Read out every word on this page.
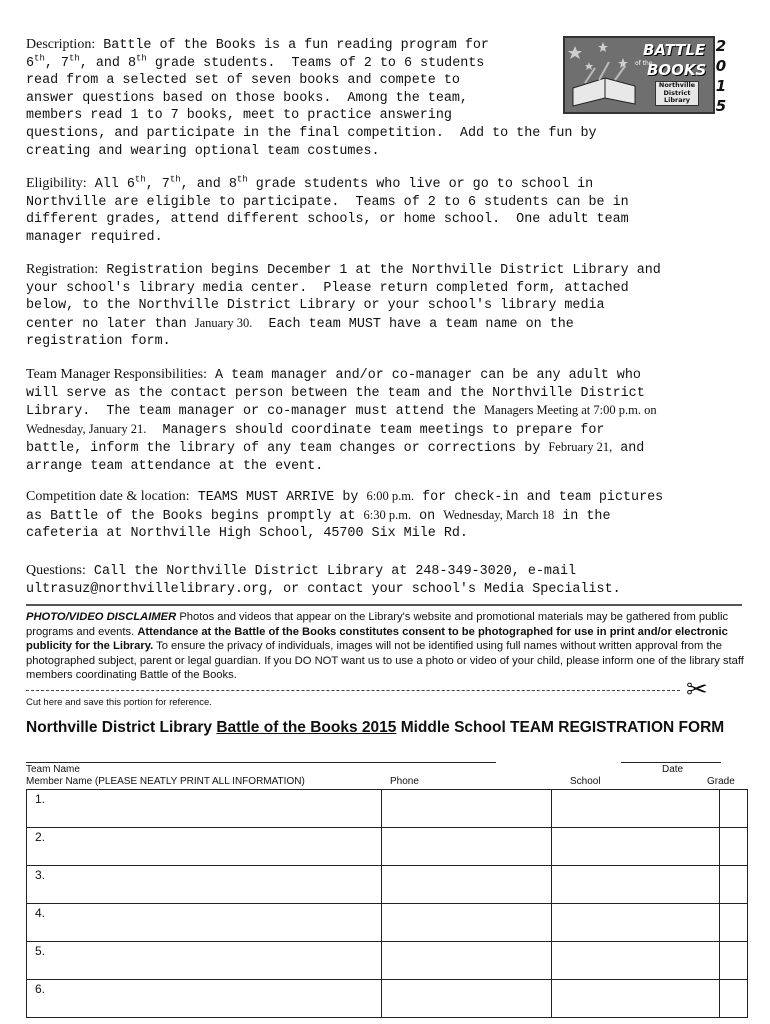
Description: Battle of the Books is a fun reading program for
6th, 7th, and 8th grade students.  Teams of 2 to 6 students
read from a selected set of seven books and compete to
answer questions based on those books.  Among the team,
members read 1 to 7 books, meet to practice answering
questions, and participate in the final competition.  Add to the fun by
creating and wearing optional team costumes.
BATTLE
of the
BOOKS
Northville
District
Library
2
0
1
5
Eligibility: All 6th, 7th, and 8th grade students who live or go to school in
Northville are eligible to participate.  Teams of 2 to 6 students can be in
different grades, attend different schools, or home school.  One adult team
manager required.
Registration: Registration begins December 1 at the Northville District Library and
your school's library media center.  Please return completed form, attached
below, to the Northville District Library or your school's library media
center no later than January 30.  Each team MUST have a team name on the
registration form.
Team Manager Responsibilities: A team manager and/or co-manager can be any adult who
will serve as the contact person between the team and the Northville District
Library.  The team manager or co-manager must attend the Managers Meeting at 7:00 p.m. on
Wednesday, January 21.  Managers should coordinate team meetings to prepare for
battle, inform the library of any team changes or corrections by February 21, and
arrange team attendance at the event.
Competition date & location: TEAMS MUST ARRIVE by 6:00 p.m. for check-in and team pictures
as Battle of the Books begins promptly at 6:30 p.m. on Wednesday, March 18 in the
cafeteria at Northville High School, 45700 Six Mile Rd.
Questions: Call the Northville District Library at 248-349-3020, e-mail
ultrasuz@northvillelibrary.org, or contact your school's Media Specialist.

PHOTO/VIDEO DISCLAIMER Photos and videos that appear on the Library's website and promotional materials may be gathered from public programs and events. Attendance at the Battle of the Books constitutes consent to be photographed for use in print and/or electronic publicity for the Library. To ensure the privacy of individuals, images will not be identified using full names without written approval from the photographed subject, parent or legal guardian. If you DO NOT want us to use a photo or video of your child, please inform one of the library staff members coordinating Battle of the Books.	✂
Cut here and save this portion for reference.
Northville District Library Battle of the Books 2015 Middle School TEAM REGISTRATION FORM
Team Name	Date
Member Name (PLEASE NEATLY PRINT ALL INFORMATION)	Phone	School	Grade
1.			
2.			
3.			
4.			
5.			
6.			
